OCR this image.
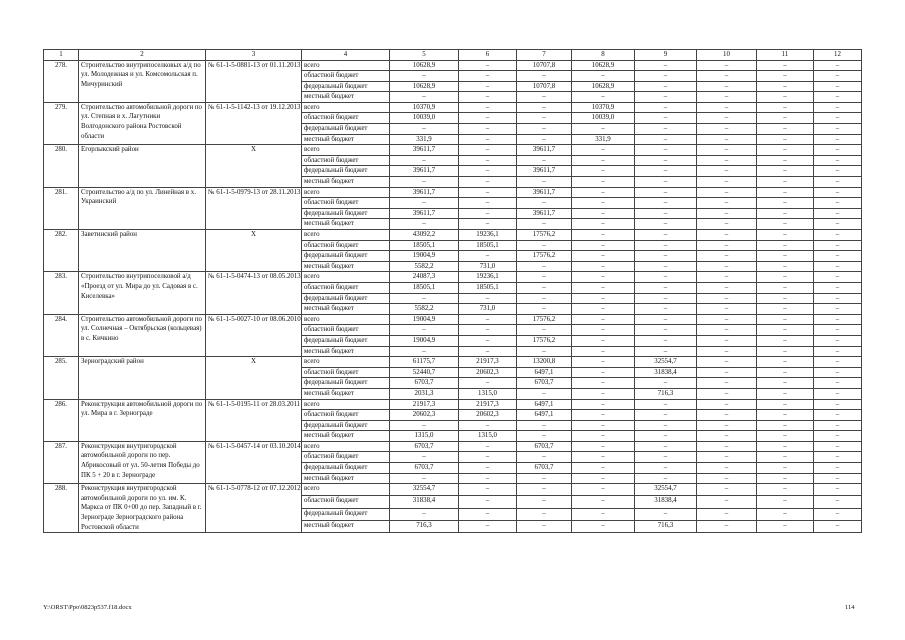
1	2	3	4	5	6	7	8	9	10	11	12
278.	Строительство внутрипоселковых а/д по ул. Молодежная и ул. Комсомольская п. Мичуринский	№ 61-1-5-0881-13 от 01.11.2013	всего	10628,9	–	10707,8	10628,9	–	–	–	–
			областной бюджет	–	–	–	–	–	–	–	–
			федеральный бюджет	10628,9	–	10707,8	10628,9	–	–	–	–
			местный бюджет	–	–	–	–	–	–	–	–
279.	Строительство автомобильной дороги по ул. Степная в х. Лагутники Волгодонского района Ростовской области	№ 61-1-5-1142-13 от 19.12.2013	всего	10370,9	–	–	10370,9	–	–	–	–
			областной бюджет	10039,0	–	–	10039,0	–	–	–	–
			федеральный бюджет	–	–	–	–	–	–	–	–
			местный бюджет	331,9	–	–	331,9	–	–	–	–
280.	Егорлыкский район	Х	всего	39611,7	–	39611,7	–	–	–	–	–
			областной бюджет	–	–	–	–	–	–	–	–
			федеральный бюджет	39611,7	–	39611,7	–	–	–	–	–
			местный бюджет	–	–	–	–	–	–	–	–
281.	Строительство а/д по ул. Линейная в х. Украинский	№ 61-1-5-0979-13 от 28.11.2013	всего	39611,7	–	39611,7	–	–	–	–	–
			областной бюджет	–	–	–	–	–	–	–	–
			федеральный бюджет	39611,7	–	39611,7	–	–	–	–	–
			местный бюджет	–	–	–	–	–	–	–	–
282.	Заветинский район	Х	всего	43092,2	19236,1	17576,2	–	–	–	–	–
			областной бюджет	18505,1	18505,1	–	–	–	–	–	–
			федеральный бюджет	19004,9	–	17576,2	–	–	–	–	–
			местный бюджет	5582,2	731,0	–	–	–	–	–	–
283.	Строительство внутрипоселковой а/д «Проезд от ул. Мира до ул. Садовая в с. Киселевка»	№ 61-1-5-0474-13 от 08.05.2013	всего	24087,3	19236,1	–	–	–	–	–	–
			областной бюджет	18505,1	18505,1	–	–	–	–	–	–
			федеральный бюджет	–	–	–	–	–	–	–	–
			местный бюджет	5582,2	731,0	–	–	–	–	–	–
284.	Строительство автомобильной дороги по ул. Солнечная – Октябрьская (кольцевая) в с. Кичкино	№ 61-1-5-0027-10 от 08.06.2010	всего	19004,9	–	17576,2	–	–	–	–	–
			областной бюджет	–	–	–	–	–	–	–	–
			федеральный бюджет	19004,9	–	17576,2	–	–	–	–	–
			местный бюджет	–	–	–	–	–	–	–	–
285.	Зерноградский район	Х	всего	61175,7	21917,3	13200,8	–	32554,7	–	–	–
			областной бюджет	52440,7	20602,3	6497,1	–	31838,4	–	–	–
			федеральный бюджет	6703,7	–	6703,7	–	–	–	–	–
			местный бюджет	2031,3	1315,0	–	–	716,3	–	–	–
286.	Реконструкция автомобильной дороги по ул. Мира в г. Зернограде	№ 61-1-5-0195-11 от 28.03.2011	всего	21917,3	21917,3	6497,1	–	–	–	–	–
			областной бюджет	20602,3	20602,3	6497,1	–	–	–	–	–
			федеральный бюджет	–	–	–	–	–	–	–	–
			местный бюджет	1315,0	1315,0	–	–	–	–	–	–
287.	Реконструкция внутригородской автомобильной дороги по пер. Абрикосовый от ул. 50-летия Победы до ПК 5 + 20 в г. Зернограде	№ 61-1-5-0457-14 от 03.10.2014	всего	6703,7	–	6703,7	–	–	–	–	–
			областной бюджет	–	–	–	–	–	–	–	–
			федеральный бюджет	6703,7	–	6703,7	–	–	–	–	–
			местный бюджет	–	–	–	–	–	–	–	–
288.	Реконструкция внутригородской автомобильной дороги по ул. им. К. Маркса от ПК 0+00 до пер. Западный в г. Зернограде Зерноградского района Ростовской области	№ 61-1-5-0778-12 от 07.12.2012	всего	32554,7	–	–	–	32554,7	–	–	–
			областной бюджет	31838,4	–	–	–	31838,4	–	–	–
			федеральный бюджет	–	–	–	–	–	–	–	–
			местный бюджет	716,3	–	–	–	716,3	–	–	–
Y:\ORST\Ppo\0823p537.f18.docx	114
